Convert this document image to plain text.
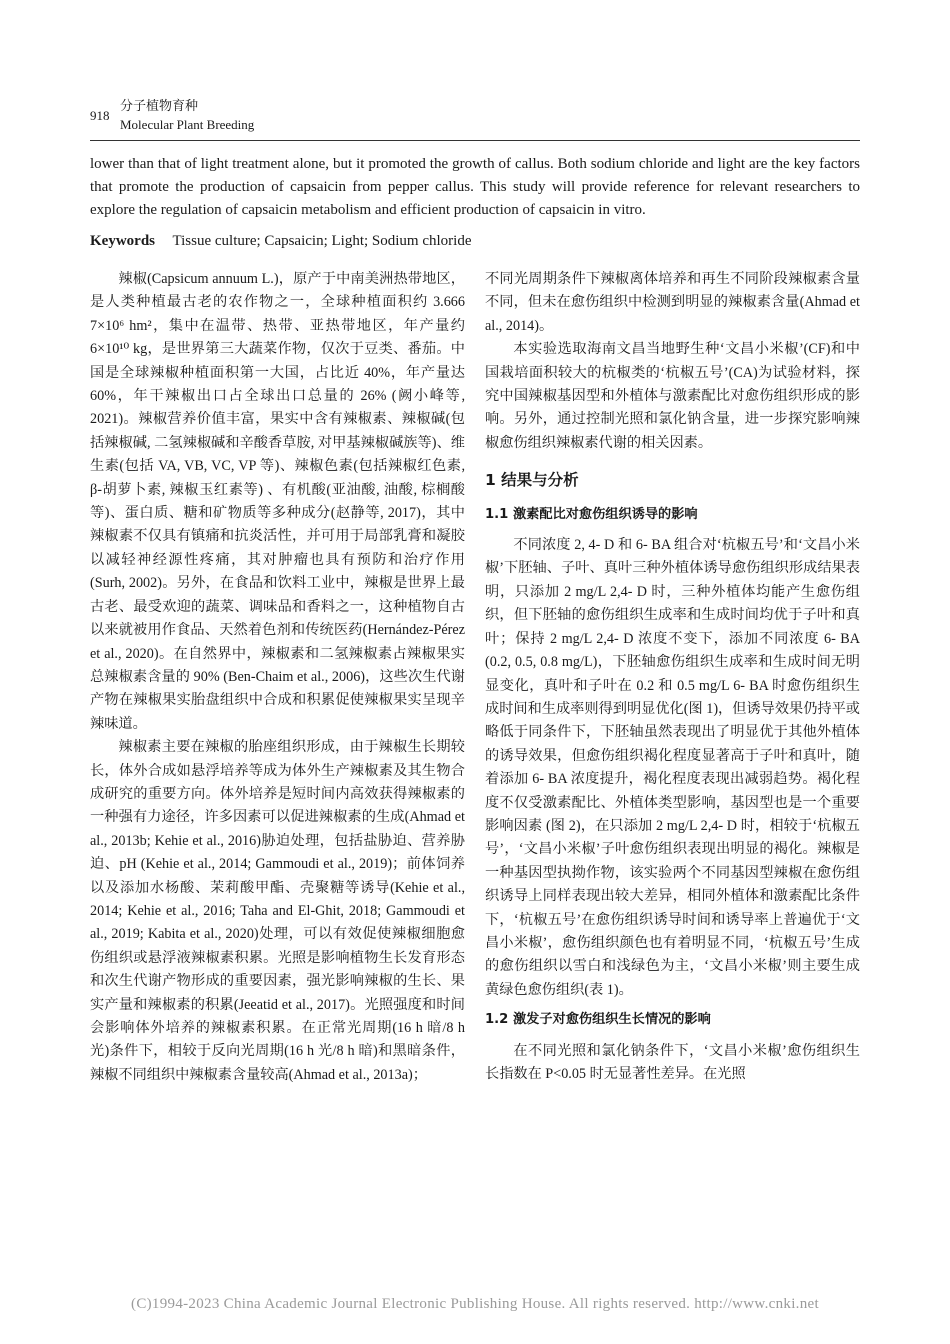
918
分子植物育种
Molecular Plant Breeding
lower than that of light treatment alone, but it promoted the growth of callus. Both sodium chloride and light are the key factors that promote the production of capsaicin from pepper callus. This study will provide reference for relevant researchers to explore the regulation of capsaicin metabolism and efficient production of capsaicin in vitro.
Keywords Tissue culture; Capsaicin; Light; Sodium chloride

辣椒(Capsicum annuum L.)，原产于中南美洲热带地区，是人类种植最古老的农作物之一，全球种植面积约 3.666 7×10⁶ hm²，集中在温带、热带、亚热带地区，年产量约 6×10¹⁰ kg，是世界第三大蔬菜作物，仅次于豆类、番茄。中国是全球辣椒种植面积第一大国，占比近 40%，年产量达 60%，年干辣椒出口占全球出口总量的 26% (阙小峰等, 2021)。辣椒营养价值丰富，果实中含有辣椒素、辣椒碱(包括辣椒碱, 二氢辣椒碱和辛酸香草胺, 对甲基辣椒碱族等)、维生素(包括 VA, VB, VC, VP 等)、辣椒色素(包括辣椒红色素, β-胡萝卜素, 辣椒玉红素等) 、有机酸(亚油酸, 油酸, 棕榈酸等)、蛋白质、糖和矿物质等多种成分(赵静等, 2017)，其中辣椒素不仅具有镇痛和抗炎活性，并可用于局部乳膏和凝胶以减轻神经源性疼痛，其对肿瘤也具有预防和治疗作用(Surh, 2002)。另外，在食品和饮料工业中，辣椒是世界上最古老、最受欢迎的蔬菜、调味品和香料之一，这种植物自古以来就被用作食品、天然着色剂和传统医药(Hernández-Pérez et al., 2020)。在自然界中，辣椒素和二氢辣椒素占辣椒果实总辣椒素含量的 90% (Ben-Chaim et al., 2006)，这些次生代谢产物在辣椒果实胎盘组织中合成和积累促使辣椒果实呈现辛辣味道。

辣椒素主要在辣椒的胎座组织形成，由于辣椒生长期较长，体外合成如悬浮培养等成为体外生产辣椒素及其生物合成研究的重要方向。体外培养是短时间内高效获得辣椒素的一种强有力途径，许多因素可以促进辣椒素的生成(Ahmad et al., 2013b; Kehie et al., 2016)胁迫处理，包括盐胁迫、营养胁迫、pH (Kehie et al., 2014; Gammoudi et al., 2019)；前体饲养以及添加水杨酸、茉莉酸甲酯、壳聚糖等诱导(Kehie et al., 2014; Kehie et al., 2016; Taha and El-Ghit, 2018; Gammoudi et al., 2019; Kabita et al., 2020)处理，可以有效促使辣椒细胞愈伤组织或悬浮液辣椒素积累。光照是影响植物生长发育形态和次生代谢产物形成的重要因素，强光影响辣椒的生长、果实产量和辣椒素的积累(Jeeatid et al., 2017)。光照强度和时间会影响体外培养的辣椒素积累。在正常光周期(16 h 暗/8 h 光)条件下，相较于反向光周期(16 h 光/8 h 暗)和黑暗条件，辣椒不同组织中辣椒素含量较高(Ahmad et al., 2013a)；

不同光周期条件下辣椒离体培养和再生不同阶段辣椒素含量不同，但未在愈伤组织中检测到明显的辣椒素含量(Ahmad et al., 2014)。

本实验选取海南文昌当地野生种‘文昌小米椒’(CF)和中国栽培面积较大的杭椒类的‘杭椒五号’(CA)为试验材料，探究中国辣椒基因型和外植体与激素配比对愈伤组织形成的影响。另外，通过控制光照和氯化钠含量，进一步探究影响辣椒愈伤组织辣椒素代谢的相关因素。

1 结果与分析
1.1 激素配比对愈伤组织诱导的影响

不同浓度 2, 4- D 和 6- BA 组合对‘杭椒五号’和‘文昌小米椒’下胚轴、子叶、真叶三种外植体诱导愈伤组织形成结果表明，只添加 2 mg/L 2,4- D 时，三种外植体均能产生愈伤组织，但下胚轴的愈伤组织生成率和生成时间均优于子叶和真叶；保持 2 mg/L 2,4- D 浓度不变下，添加不同浓度 6- BA (0.2, 0.5, 0.8 mg/L)，下胚轴愈伤组织生成率和生成时间无明显变化，真叶和子叶在 0.2 和 0.5 mg/L 6- BA 时愈伤组织生成时间和生成率则得到明显优化(图 1)，但诱导效果仍持平或略低于同条件下，下胚轴虽然表现出了明显优于其他外植体的诱导效果，但愈伤组织褐化程度显著高于子叶和真叶，随着添加 6- BA 浓度提升，褐化程度表现出减弱趋势。褐化程度不仅受激素配比、外植体类型影响，基因型也是一个重要影响因素 (图 2)，在只添加 2 mg/L 2,4- D 时，相较于‘杭椒五号’，‘文昌小米椒’子叶愈伤组织表现出明显的褐化。辣椒是一种基因型执拗作物，该实验两个不同基因型辣椒在愈伤组织诱导上同样表现出较大差异，相同外植体和激素配比条件下，‘杭椒五号’在愈伤组织诱导时间和诱导率上普遍优于‘文昌小米椒’，愈伤组织颜色也有着明显不同，‘杭椒五号’生成的愈伤组织以雪白和浅绿色为主，‘文昌小米椒’则主要生成黄绿色愈伤组织(表 1)。

1.2 激发子对愈伤组织生长情况的影响

在不同光照和氯化钠条件下，‘文昌小米椒’愈伤组织生长指数在 P<0.05 时无显著性差异。在光照

(C)1994-2023 China Academic Journal Electronic Publishing House. All rights reserved. http://www.cnki.net
